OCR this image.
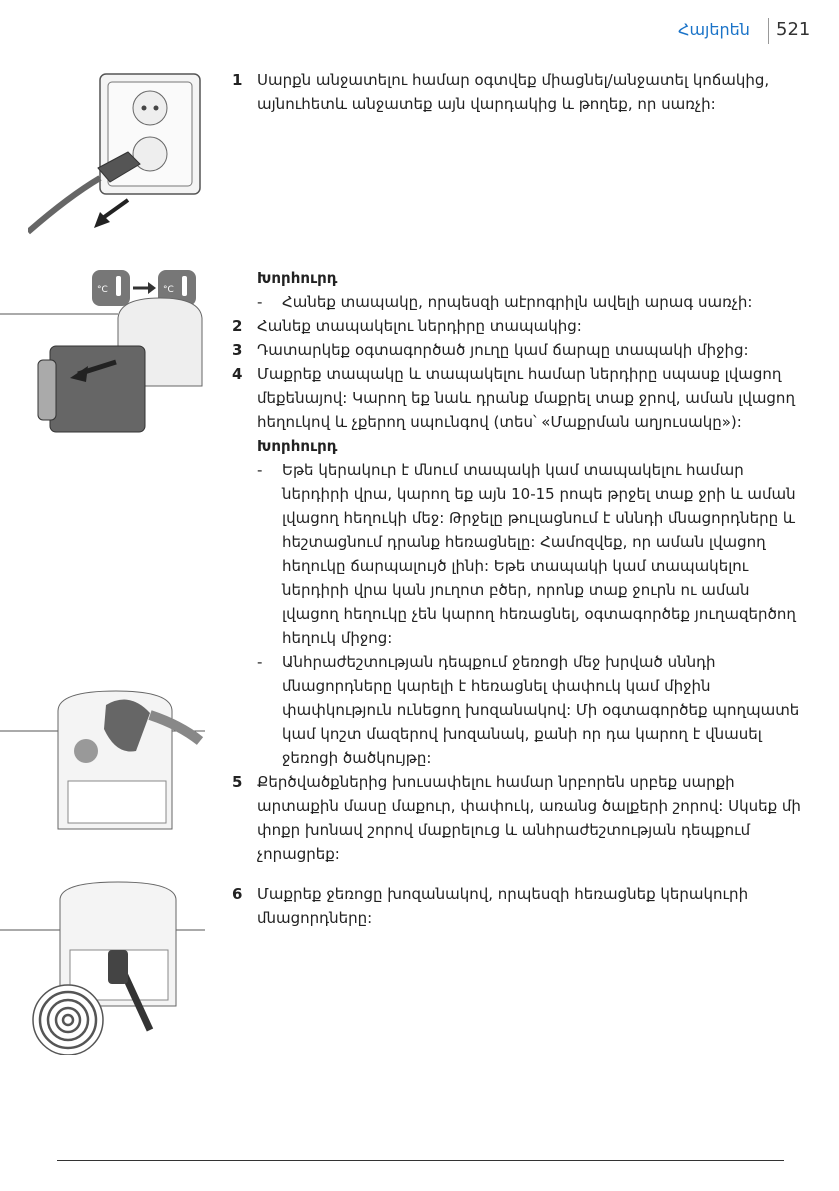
Հայերեն 521
°C	°C
1 Սարքն անջատելու համար օգտվեք միացնել/անջատել կոճակից, այնուհետև անջատեք այն վարդակից և թողեք, որ սառչի:
Խորհուրդ
- Հանեք տապակը, որպեսզի աէրոգրիլն ավելի արագ սառչի:
2 Հանեք տապակելու ներդիրը տապակից:
3 Դատարկեք օգտագործած յուղը կամ ճարպը տապակի միջից:
4 Մաքրեք տապակը և տապակելու համար ներդիրը սպասք լվացող մեքենայով: Կարող եք նաև դրանք մաքրել տաք ջրով, աման լվացող հեղուկով և չքերող սպունգով (տես՝ «Մաքրման աղյուսակը»):
Խորհուրդ
- Եթե կերակուր է մնում տապակի կամ տապակելու համար ներդիրի վրա, կարող եք այն 10-15 րոպե թրջել տաք ջրի և աման լվացող հեղուկի մեջ: Թրջելը թուլացնում է սննդի մնացորդները և հեշտացնում դրանք հեռացնելը: Համոզվեք, որ աման լվացող հեղուկը ճարպալույծ լինի: Եթե տապակի կամ տապակելու ներդիրի վրա կան յուղոտ բծեր, որոնք տաք ջուրն ու աման լվացող հեղուկը չեն կարող հեռացնել, օգտագործեք յուղազերծող հեղուկ միջոց:
- Անհրաժեշտության դեպքում ջեռոցի մեջ խրված սննդի մնացորդները կարելի է հեռացնել փափուկ կամ միջին փափկություն ունեցող խոզանակով: Մի օգտագործեք պողպատե կամ կոշտ մազերով խոզանակ, քանի որ դա կարող է վնասել ջեռոցի ծածկույթը:
5 Քերծվածքներից խուսափելու համար նրբորեն սրբեք սարքի արտաքին մասը մաքուր, փափուկ, առանց ծալքերի շորով: Սկսեք մի փոքր խոնավ շորով մաքրելուց և անհրաժեշտության դեպքում չորացրեք:
6 Մաքրեք ջեռոցը խոզանակով, որպեսզի հեռացնեք կերակուրի մնացորդները:
